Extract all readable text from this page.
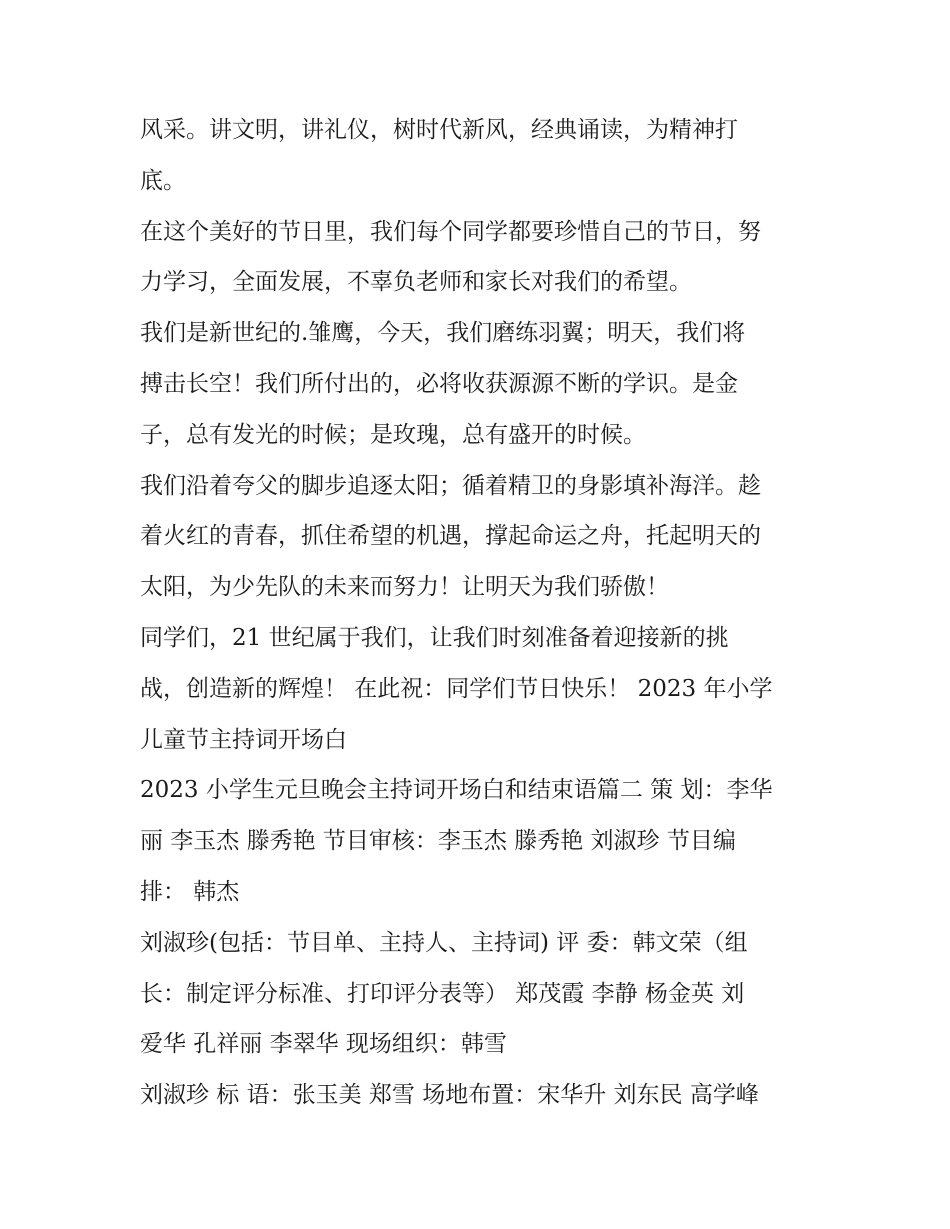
风采。讲文明，讲礼仪，树时代新风，经典诵读，为精神打
底。
在这个美好的节日里，我们每个同学都要珍惜自己的节日，努
力学习，全面发展，不辜负老师和家长对我们的希望。
我们是新世纪的.雏鹰，今天，我们磨练羽翼；明天，我们将
搏击长空！我们所付出的，必将收获源源不断的学识。是金
子，总有发光的时候；是玫瑰，总有盛开的时候。
我们沿着夸父的脚步追逐太阳；循着精卫的身影填补海洋。趁
着火红的青春，抓住希望的机遇，撑起命运之舟，托起明天的
太阳，为少先队的未来而努力！让明天为我们骄傲！
同学们，21 世纪属于我们，让我们时刻准备着迎接新的挑
战，创造新的辉煌！ 在此祝：同学们节日快乐！ 2023 年小学
儿童节主持词开场白
2023 小学生元旦晚会主持词开场白和结束语篇二 策 划：李华
丽 李玉杰 滕秀艳 节目审核：李玉杰 滕秀艳 刘淑珍 节目编
排： 韩杰
刘淑珍(包括：节目单、主持人、主持词) 评 委：韩文荣（组
长：制定评分标准、打印评分表等） 郑茂霞 李静 杨金英 刘
爱华 孔祥丽 李翠华 现场组织：韩雪
刘淑珍 标 语：张玉美 郑雪 场地布置：宋华升 刘东民 高学峰
